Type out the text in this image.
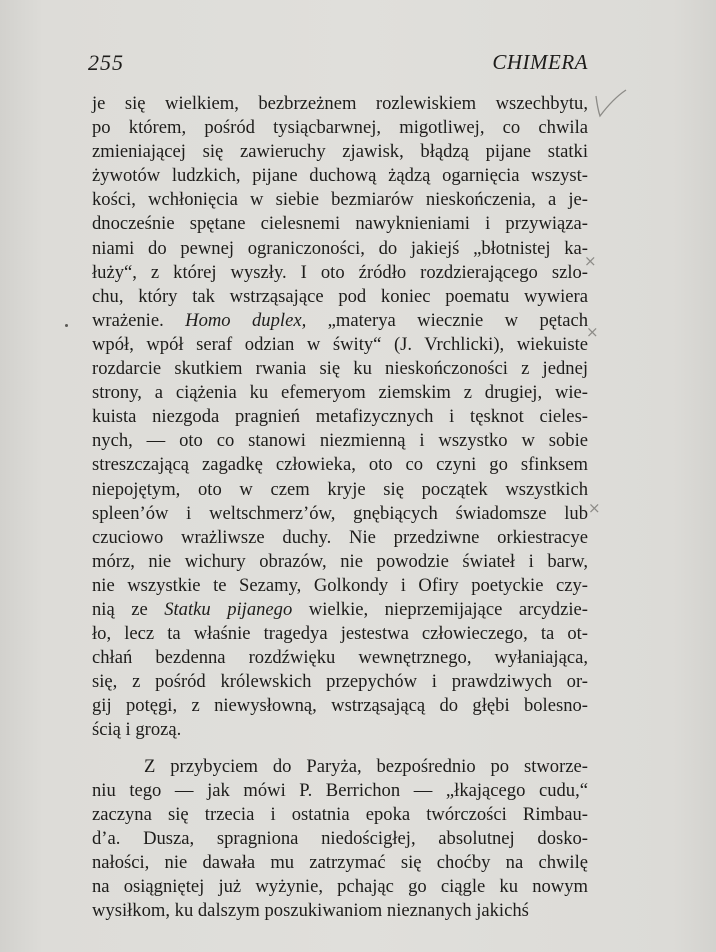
255	CHIMERA
je się wielkiem, bezbrzeżnem rozlewiskiem wszechbytu,
po którem, pośród tysiącbarwnej, migotliwej, co chwila
zmieniającej się zawieruchy zjawisk, błądzą pijane statki
żywotów ludzkich, pijane duchową żądzą ogarnięcia wszyst-
kości, wchłonięcia w siebie bezmiarów nieskończenia, a je-
dnocześnie spętane cielesnemi nawyknieniami i przywiąza-
niami do pewnej ograniczoności, do jakiejś „błotnistej ka-
łuży“, z której wyszły. I oto źródło rozdzierającego szlo-
chu, który tak wstrząsające pod koniec poematu wywiera
wrażenie. Homo duplex, „materya wiecznie w pętach
wpół, wpół seraf odzian w świty“ (J. Vrchlicki), wiekuiste
rozdarcie skutkiem rwania się ku nieskończoności z jednej
strony, a ciążenia ku efemeryom ziemskim z drugiej, wie-
kuista niezgoda pragnień metafizycznych i tęsknot cieles-
nych, — oto co stanowi niezmienną i wszystko w sobie
streszczającą zagadkę człowieka, oto co czyni go sfinksem
niepojętym, oto w czem kryje się początek wszystkich
spleen’ów i weltschmerz’ów, gnębiących świadomsze lub
czuciowo wrażliwsze duchy. Nie przedziwne orkiestracye
mórz, nie wichury obrazów, nie powodzie świateł i barw,
nie wszystkie te Sezamy, Golkondy i Ofiry poetyckie czy-
nią ze Statku pijanego wielkie, nieprzemijające arcydzie-
ło, lecz ta właśnie tragedya jestestwa człowieczego, ta ot-
chłań bezdenna rozdźwięku wewnętrznego, wyłaniająca,
się, z pośród królewskich przepychów i prawdziwych or-
gij potęgi, z niewysłowną, wstrząsającą do głębi bolesno-
ścią i grozą.
Z przybyciem do Paryża, bezpośrednio po stworze-
niu tego — jak mówi P. Berrichon — „łkającego cudu,“
zaczyna się trzecia i ostatnia epoka twórczości Rimbau-
d’a. Dusza, spragniona niedościgłej, absolutnej dosko-
nałości, nie dawała mu zatrzymać się choćby na chwilę
na osiągniętej już wyżynie, pchając go ciągle ku nowym
wysiłkom, ku dalszym poszukiwaniom nieznanych jakichś
×
×
×
